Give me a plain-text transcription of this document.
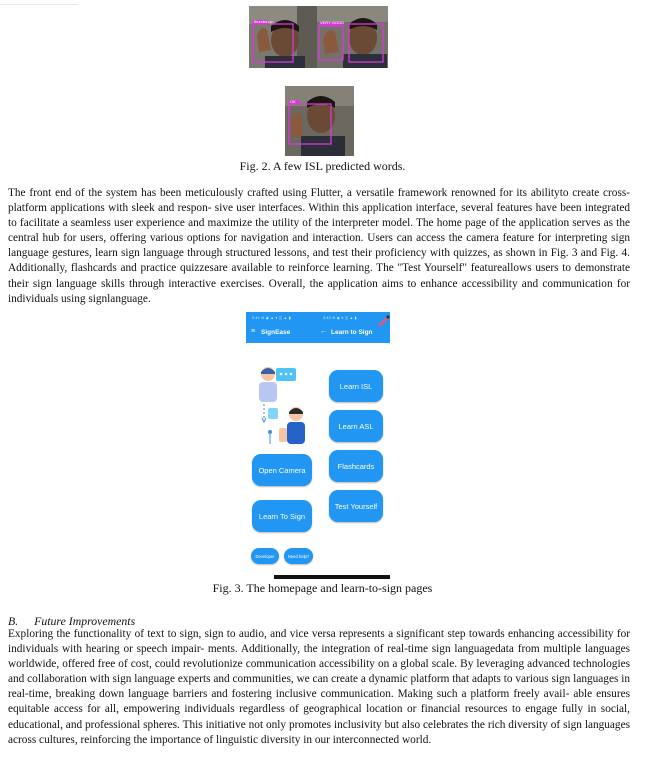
thumbs up	VERY GOOD
OK
Fig. 2. A few ISL predicted words.

The front end of the system has been meticulously crafted using Flutter, a versatile framework renowned for its abilityto create cross-platform applications with sleek and respon- sive user interfaces. Within this application interface, several features have been integrated to facilitate a seamless user experience and maximize the utility of the interpreter model. The home page of the application serves as the central hub for users, offering various options for navigation and interaction. Users can access the camera feature for interpreting sign language gestures, learn sign language through structured lessons, and test their proficiency with quizzes, as shown in Fig. 3 and Fig. 4. Additionally, flashcards and practice quizzesare available to reinforce learning. The "Test Yourself" featureallows users to demonstrate their sign language skills through interactive exercises. Overall, the application aims to enhance accessibility and communication for individuals using signlanguage.

3:41 ✉ ◉ ▲ ▾ ◫ ▲ ▮
≡ SignEase
Open Camera
Learn To Sign
Developer	Need help?
3:42 ✉ ◉ ▾ ◫ ▲ ▮
← Learn to Sign
Learn ISL
Learn ASL
Flashcards
Test Yourself
Fig. 3. The homepage and learn-to-sign pages
B. Future Improvements

Exploring the functionality of text to sign, sign to audio, and vice versa represents a significant step towards enhancing accessibility for individuals with hearing or speech impair- ments. Additionally, the integration of real-time sign languagedata from multiple languages worldwide, offered free of cost, could revolutionize communication accessibility on a global scale. By leveraging advanced technologies and collaboration with sign language experts and communities, we can create a dynamic platform that adapts to various sign languages in real-time, breaking down language barriers and fostering inclusive communication. Making such a platform freely avail- able ensures equitable access for all, empowering individuals regardless of geographical location or financial resources to engage fully in social, educational, and professional spheres. This initiative not only promotes inclusivity but also celebrates the rich diversity of sign languages across cultures, reinforcing the importance of linguistic diversity in our interconnected world.
